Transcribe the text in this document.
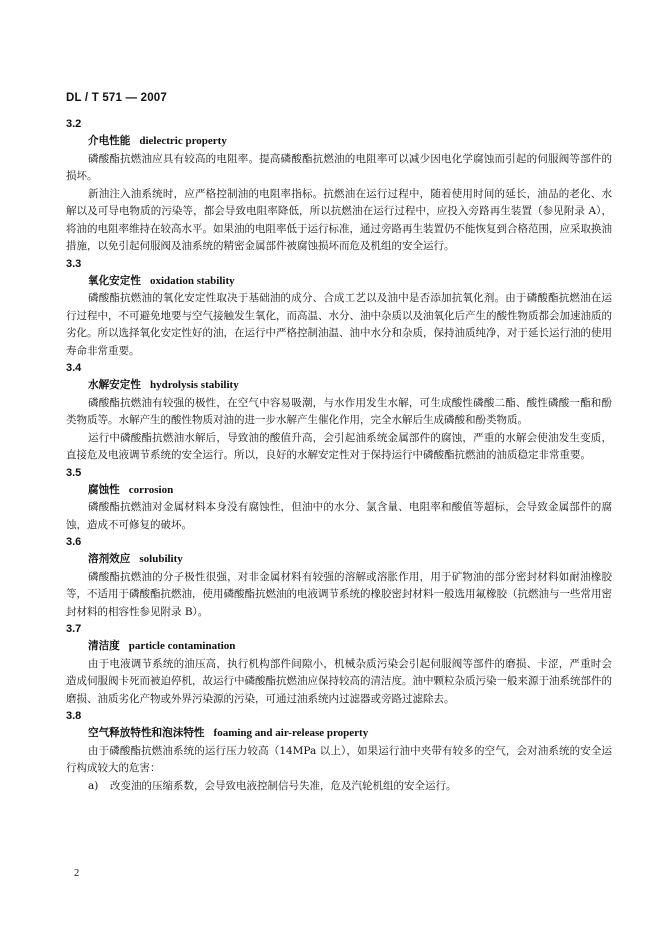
DL / T 571 — 2007
3.2
介电性能 dielectric property

磷酸酯抗燃油应具有较高的电阻率。提高磷酸酯抗燃油的电阻率可以减少因电化学腐蚀而引起的伺服阀等部件的损坏。

新油注入油系统时，应严格控制油的电阻率指标。抗燃油在运行过程中，随着使用时间的延长，油品的老化、水解以及可导电物质的污染等，都会导致电阻率降低，所以抗燃油在运行过程中，应投入旁路再生装置（参见附录 A），将油的电阻率维持在较高水平。如果油的电阻率低于运行标准，通过旁路再生装置仍不能恢复到合格范围，应采取换油措施，以免引起伺服阀及油系统的精密金属部件被腐蚀损坏而危及机组的安全运行。

3.3
氧化安定性 oxidation stability

磷酸酯抗燃油的氧化安定性取决于基础油的成分、合成工艺以及油中是否添加抗氧化剂。由于磷酸酯抗燃油在运行过程中，不可避免地要与空气接触发生氧化，而高温、水分、油中杂质以及油氧化后产生的酸性物质都会加速油质的劣化。所以选择氧化安定性好的油，在运行中严格控制油温、油中水分和杂质，保持油质纯净，对于延长运行油的使用寿命非常重要。

3.4
水解安定性 hydrolysis stability

磷酸酯抗燃油有较强的极性，在空气中容易吸潮，与水作用发生水解，可生成酸性磷酸二酯、酸性磷酸一酯和酚类物质等。水解产生的酸性物质对油的进一步水解产生催化作用，完全水解后生成磷酸和酚类物质。

运行中磷酸酯抗燃油水解后，导致油的酸值升高，会引起油系统金属部件的腐蚀，严重的水解会使油发生变质，直接危及电液调节系统的安全运行。所以，良好的水解安定性对于保持运行中磷酸酯抗燃油的油质稳定非常重要。

3.5
腐蚀性 corrosion

磷酸酯抗燃油对金属材料本身没有腐蚀性，但油中的水分、氯含量、电阻率和酸值等超标，会导致金属部件的腐蚀，造成不可修复的破坏。

3.6
溶剂效应 solubility

磷酸酯抗燃油的分子极性很强，对非金属材料有较强的溶解或溶胀作用，用于矿物油的部分密封材料如耐油橡胶等，不适用于磷酸酯抗燃油，使用磷酸酯抗燃油的电液调节系统的橡胶密封材料一般选用氟橡胶（抗燃油与一些常用密封材料的相容性参见附录 B）。

3.7
清洁度 particle contamination

由于电液调节系统的油压高，执行机构部件间隙小，机械杂质污染会引起伺服阀等部件的磨损、卡涩，严重时会造成伺服阀卡死而被迫停机，故运行中磷酸酯抗燃油应保持较高的清洁度。油中颗粒杂质污染一般来源于油系统部件的磨损、油质劣化产物或外界污染源的污染，可通过油系统内过滤器或旁路过滤除去。

3.8
空气释放特性和泡沫特性 foaming and air-release property

由于磷酸酯抗燃油系统的运行压力较高（14MPa 以上），如果运行油中夹带有较多的空气，会对油系统的安全运行构成较大的危害：

a) 改变油的压缩系数，会导致电液控制信号失准，危及汽轮机组的安全运行。

2
